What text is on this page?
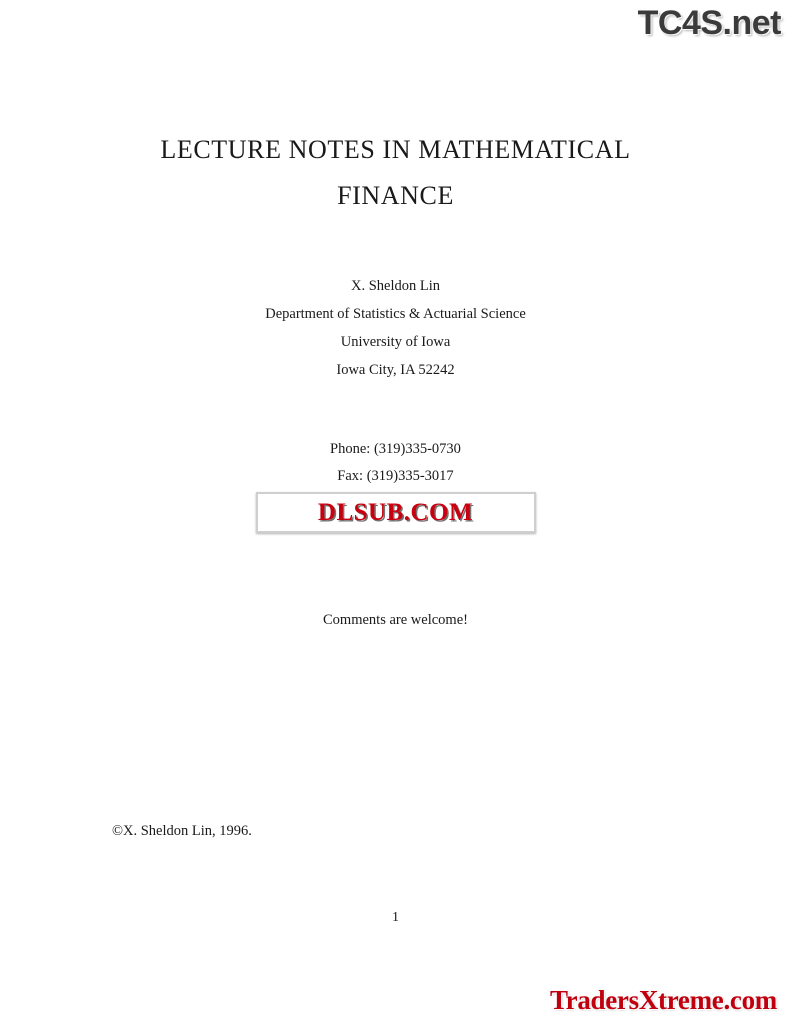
TC4S.net
LECTURE NOTES IN MATHEMATICAL
FINANCE
X. Sheldon Lin
Department of Statistics & Actuarial Science
University of Iowa
Iowa City, IA 52242
Phone: (319)335-0730
Fax: (319)335-3017
DLSUB.COM
Comments are welcome!
©X. Sheldon Lin, 1996.
1
TradersXtreme.com
